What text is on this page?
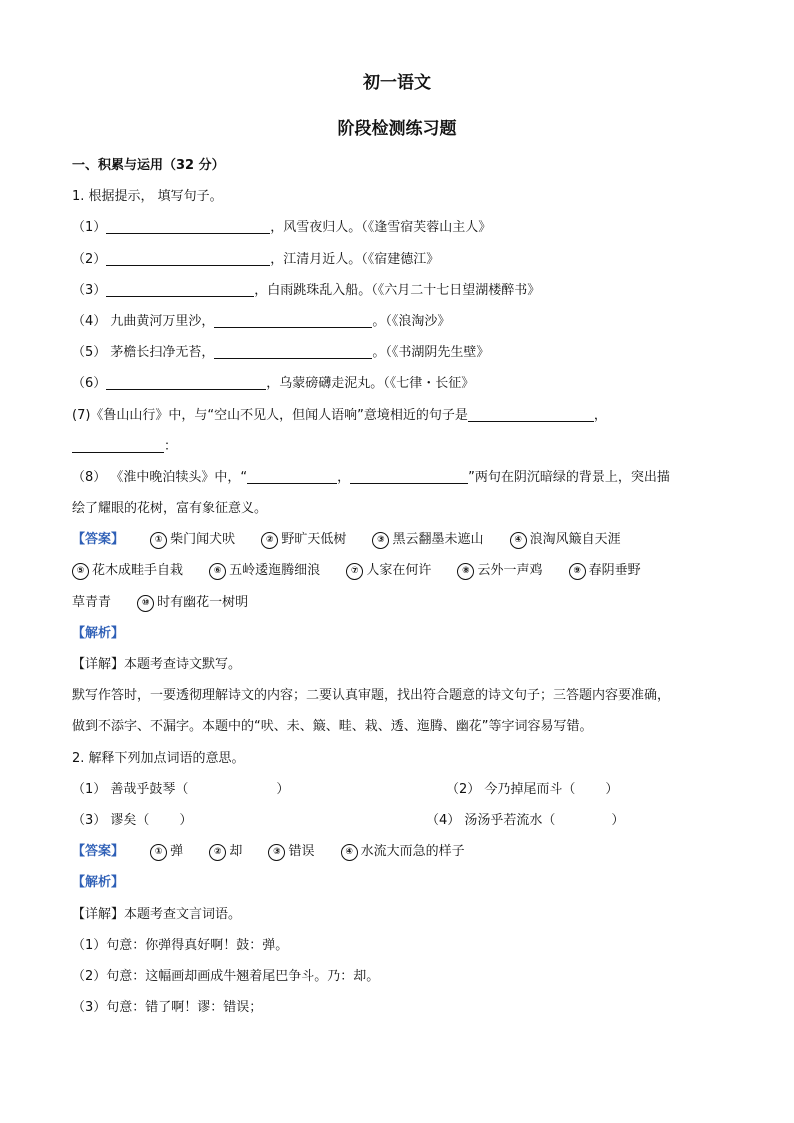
初一语文
阶段检测练习题
一、积累与运用（32 分）
1. 根据提示， 填写句子。
（1）	，风雪夜归人。（《逢雪宿芙蓉山主人》
（2）	，江清月近人。（《宿建德江》
（3）	，白雨跳珠乱入船。（《六月二十七日望湖楼醉书》
（4） 九曲黄河万里沙，	。（《浪淘沙》
（5） 茅檐长扫净无苔，	。（《书湖阴先生壁》
（6）	，乌蒙磅礴走泥丸。（《七律・长征》
(7)《鲁山山行》中，与“空山不见人，但闻人语响”意境相近的句子是	，
：
（8） 《淮中晚泊犊头》中，“	，	”两句在阴沉暗绿的背景上，突出描
绘了耀眼的花树，富有象征意义。
【答案】	① 柴门闻犬吠	② 野旷天低树	③ 黑云翻墨未遮山	④ 浪淘风簸自天涯
⑤ 花木成畦手自栽	⑥ 五岭逶迤腾细浪	⑦ 人家在何许	⑧ 云外一声鸡	⑨ 春阴垂野
草青青	⑩ 时有幽花一树明
【解析】
【详解】本题考查诗文默写。
默写作答时，一要透彻理解诗文的内容；二要认真审题，找出符合题意的诗文句子；三答题内容要准确，
做到不添字、不漏字。本题中的“吠、未、簸、畦、栽、透、迤腾、幽花”等字词容易写错。
2. 解释下列加点词语的意思。
（1） 善哉乎鼓琴（	）	（2） 今乃掉尾而斗（ ）
（3） 谬矣（ ）	（4） 汤汤乎若流水（	）
【答案】	① 弹	② 却	③ 错误	④ 水流大而急的样子
【解析】
【详解】本题考查文言词语。
（1）句意：你弹得真好啊！鼓：弹。
（2）句意：这幅画却画成牛翘着尾巴争斗。乃：却。
（3）句意：错了啊！谬：错误；
